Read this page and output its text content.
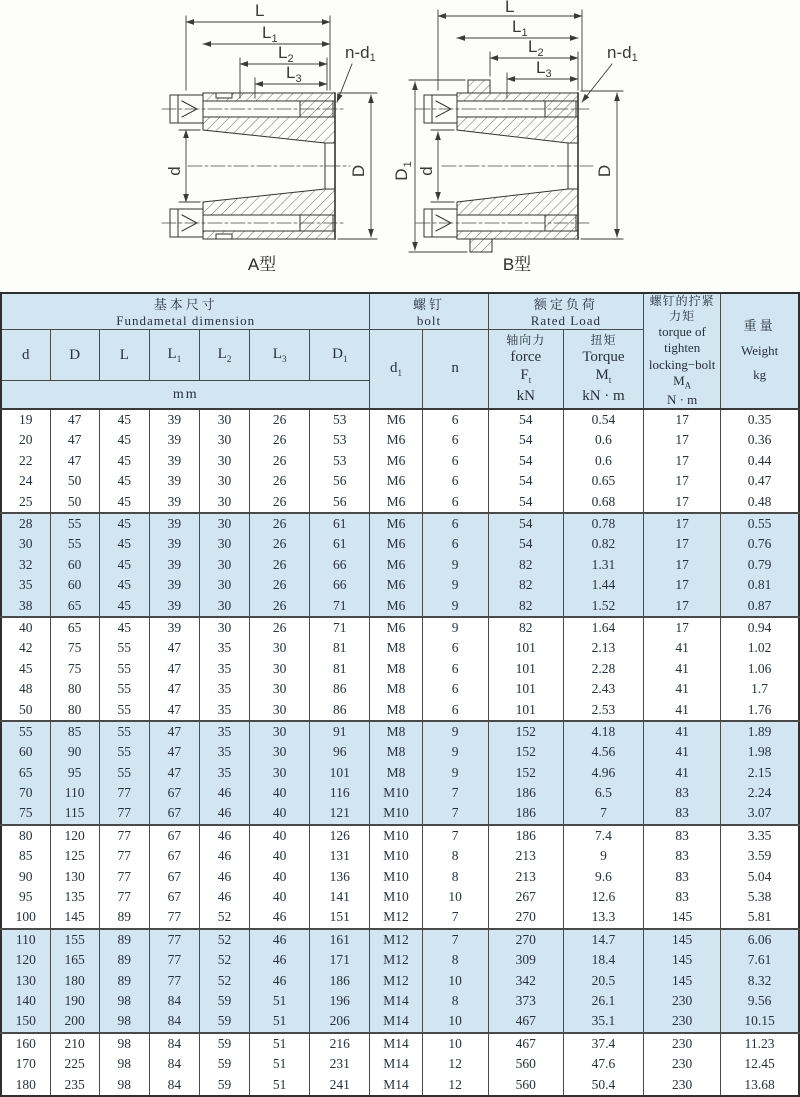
L
$L_1$
$L_2$
$L_3$
n-d1
d	D
A型
L
$L_1$
$L_2$
$L_3$
n-d1
$D_1$
d	D
B型
基本尺寸
Fundametal dimension

螺钉
bolt

额定负荷
Rated Load

螺钉的拧紧
力矩
torque of
tighten
locking−bolt
$M_A$
N · m

重量
Weight
kg

d	D	L	$L_1$	$L_2$	$L_3$	$D_1$	$d_1$	n	
轴向力
force
$F_t$
kN

扭矩
Torque
$M_t$
kN · m

mm												
19	47	45	39	30	26	53	M6	6	54	0.54	17	0.35
20	47	45	39	30	26	53	M6	6	54	0.6	17	0.36
22	47	45	39	30	26	53	M6	6	54	0.6	17	0.44
24	50	45	39	30	26	56	M6	6	54	0.65	17	0.47
25	50	45	39	30	26	56	M6	6	54	0.68	17	0.48
28	55	45	39	30	26	61	M6	6	54	0.78	17	0.55
30	55	45	39	30	26	61	M6	6	54	0.82	17	0.76
32	60	45	39	30	26	66	M6	9	82	1.31	17	0.79
35	60	45	39	30	26	66	M6	9	82	1.44	17	0.81
38	65	45	39	30	26	71	M6	9	82	1.52	17	0.87
40	65	45	39	30	26	71	M6	9	82	1.64	17	0.94
42	75	55	47	35	30	81	M8	6	101	2.13	41	1.02
45	75	55	47	35	30	81	M8	6	101	2.28	41	1.06
48	80	55	47	35	30	86	M8	6	101	2.43	41	1.7
50	80	55	47	35	30	86	M8	6	101	2.53	41	1.76
55	85	55	47	35	30	91	M8	9	152	4.18	41	1.89
60	90	55	47	35	30	96	M8	9	152	4.56	41	1.98
65	95	55	47	35	30	101	M8	9	152	4.96	41	2.15
70	110	77	67	46	40	116	M10	7	186	6.5	83	2.24
75	115	77	67	46	40	121	M10	7	186	7	83	3.07
80	120	77	67	46	40	126	M10	7	186	7.4	83	3.35
85	125	77	67	46	40	131	M10	8	213	9	83	3.59
90	130	77	67	46	40	136	M10	8	213	9.6	83	5.04
95	135	77	67	46	40	141	M10	10	267	12.6	83	5.38
100	145	89	77	52	46	151	M12	7	270	13.3	145	5.81
110	155	89	77	52	46	161	M12	7	270	14.7	145	6.06
120	165	89	77	52	46	171	M12	8	309	18.4	145	7.61
130	180	89	77	52	46	186	M12	10	342	20.5	145	8.32
140	190	98	84	59	51	196	M14	8	373	26.1	230	9.56
150	200	98	84	59	51	206	M14	10	467	35.1	230	10.15
160	210	98	84	59	51	216	M14	10	467	37.4	230	11.23
170	225	98	84	59	51	231	M14	12	560	47.6	230	12.45
180	235	98	84	59	51	241	M14	12	560	50.4	230	13.68
